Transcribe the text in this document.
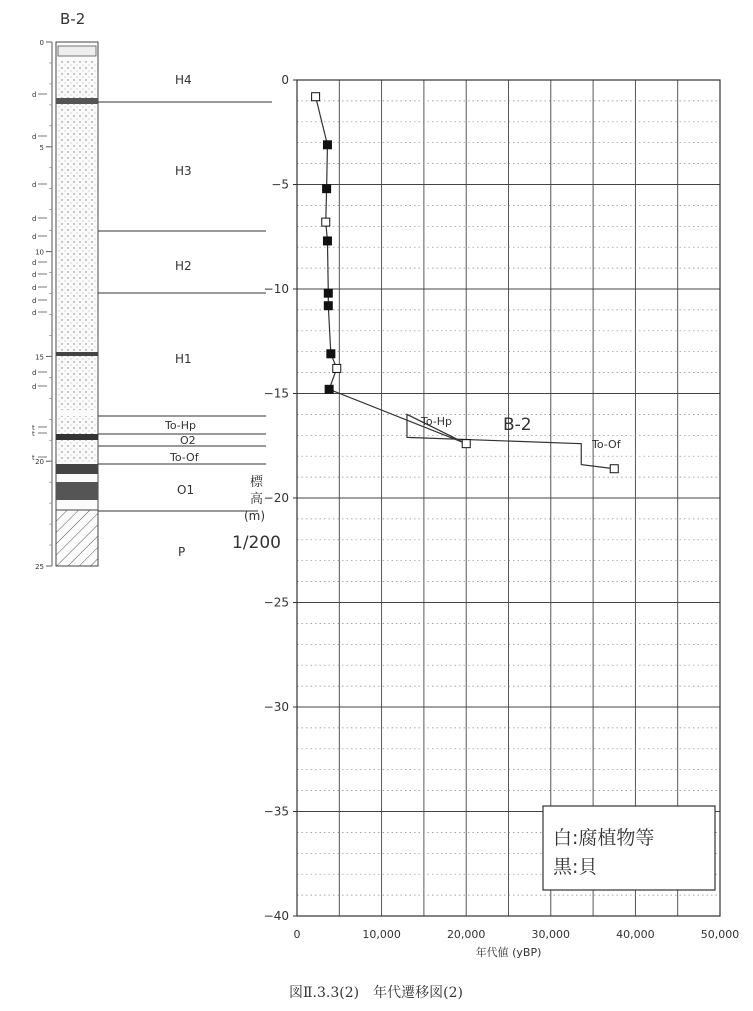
B-2
H4
H3
H2
H1
To-Hp
O2
To-Of
O1
P
0
5
10
15
20
25
d
d
d
d
d
d
d
d
d
d
d
d
t
t
t
1/200
標
高
(m)
0
−5
−10
−15
−20
−25
−30
−35
−40
0	10,000	20,000	30,000	40,000	50,000
B-2
To-Hp
To-Of
年代値 (yBP)
白:腐植物等
黒:貝
図Ⅱ.3.3(2)　年代遷移図(2)
